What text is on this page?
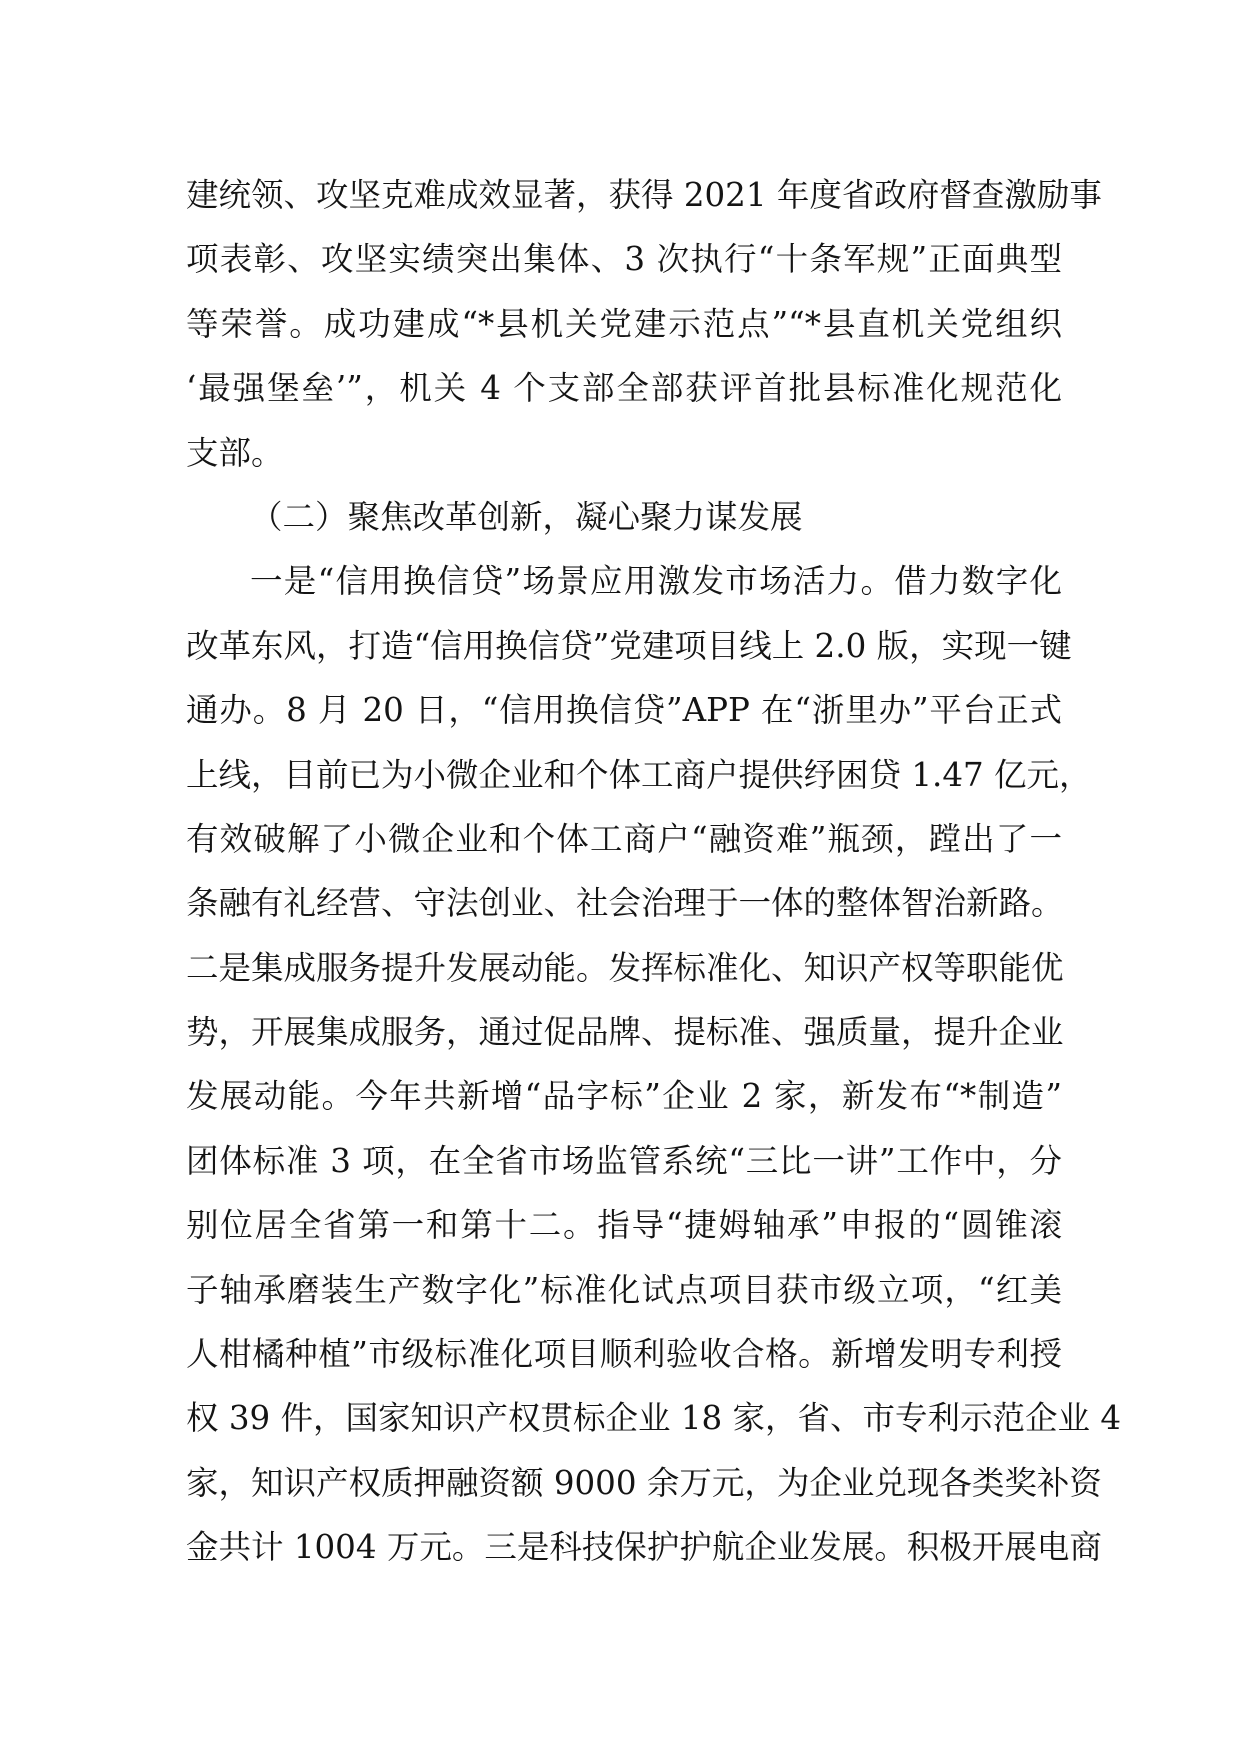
建统领、攻坚克难成效显著，获得 2021 年度省政府督查激励事
项表彰、攻坚实绩突出集体、3 次执行“十条军规”正面典型
等荣誉。成功建成“*县机关党建示范点”“*县直机关党组织
‘最强堡垒’”，机关 4 个支部全部获评首批县标准化规范化
支部。
（二）聚焦改革创新，凝心聚力谋发展
一是“信用换信贷”场景应用激发市场活力。借力数字化
改革东风，打造“信用换信贷”党建项目线上 2.0 版，实现一键
通办。8 月 20 日，“信用换信贷”APP 在“浙里办”平台正式
上线，目前已为小微企业和个体工商户提供纾困贷 1.47 亿元，
有效破解了小微企业和个体工商户“融资难”瓶颈，蹚出了一
条融有礼经营、守法创业、社会治理于一体的整体智治新路。
二是集成服务提升发展动能。发挥标准化、知识产权等职能优
势，开展集成服务，通过促品牌、提标准、强质量，提升企业
发展动能。今年共新增“品字标”企业 2 家，新发布“*制造”
团体标准 3 项，在全省市场监管系统“三比一讲”工作中，分
别位居全省第一和第十二。指导“捷姆轴承”申报的“圆锥滚
子轴承磨装生产数字化”标准化试点项目获市级立项，“红美
人柑橘种植”市级标准化项目顺利验收合格。新增发明专利授
权 39 件，国家知识产权贯标企业 18 家，省、市专利示范企业 4
家，知识产权质押融资额 9000 余万元，为企业兑现各类奖补资
金共计 1004 万元。三是科技保护护航企业发展。积极开展电商
